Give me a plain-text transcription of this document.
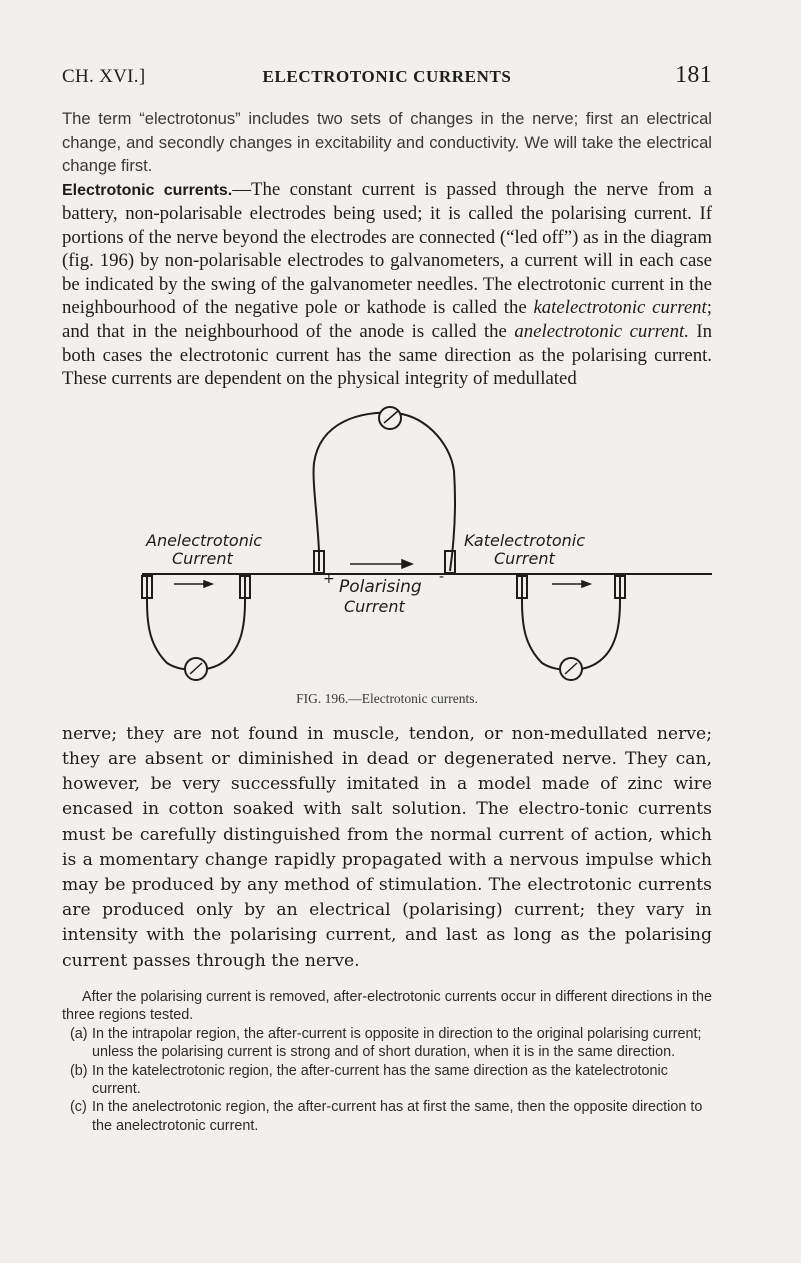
CH. XVI.]	ELECTROTONIC CURRENTS	181

The term “electrotonus” includes two sets of changes in the nerve; first an electrical change, and secondly changes in excitability and conductivity. We will take the electrical change first.

Electrotonic currents.—The constant current is passed through the nerve from a battery, non-polarisable electrodes being used; it is called the polarising current. If portions of the nerve beyond the electrodes are connected (“led off”) as in the diagram (fig. 196) by non-polarisable electrodes to galvanometers, a current will in each case be indicated by the swing of the galvanometer needles. The electrotonic current in the neighbourhood of the negative pole or kathode is called the katelectrotonic current; and that in the neighbourhood of the anode is called the anelectrotonic current. In both cases the electrotonic current has the same direction as the polarising current. These currents are dependent on the physical integrity of medullated

Anelectrotonic
Current
Katelectrotonic
Current
Polarising
Current
+	-
FIG. 196.—Electrotonic currents.

nerve; they are not found in muscle, tendon, or non-medullated nerve; they are absent or diminished in dead or degenerated nerve. They can, however, be very successfully imitated in a model made of zinc wire encased in cotton soaked with salt solution. The electro-tonic currents must be carefully distinguished from the normal current of action, which is a momentary change rapidly propagated with a nervous impulse which may be produced by any method of stimulation. The electrotonic currents are produced only by an electrical (polarising) current; they vary in intensity with the polarising current, and last as long as the polarising current passes through the nerve.

After the polarising current is removed, after-electrotonic currents occur in different directions in the three regions tested.

(a) In the intrapolar region, the after-current is opposite in direction to the original polarising current; unless the polarising current is strong and of short duration, when it is in the same direction.
(b) In the katelectrotonic region, the after-current has the same direction as the katelectrotonic current.
(c) In the anelectrotonic region, the after-current has at first the same, then the opposite direction to the anelectrotonic current.
